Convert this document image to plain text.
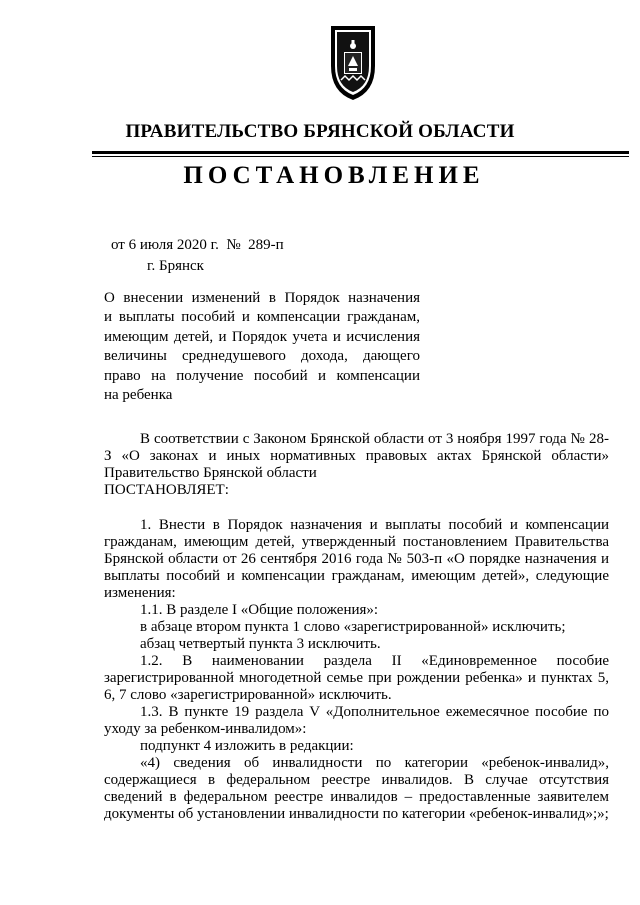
ПРАВИТЕЛЬСТВО БРЯНСКОЙ ОБЛАСТИ
ПОСТАНОВЛЕНИЕ
от 6 июля 2020 г.  №  289-п
г. Брянск

О внесении изменений в Порядок назначения

и выплаты пособий и компенсации гражданам,

имеющим детей, и Порядок учета и исчисления

величины среднедушевого дохода, дающего

право на получение пособий и компенсации

на ребенка

В соответствии с Законом Брянской области от 3 ноября 1997 года № 28-З «О законах и иных нормативных правовых актах Брянской области» Правительство Брянской области

ПОСТАНОВЛЯЕТ:

1. Внести в Порядок назначения и выплаты пособий и компенсации гражданам, имеющим детей, утвержденный постановлением Правительства Брянской области от 26 сентября 2016 года № 503-п «О порядке назначения и выплаты пособий и компенсации гражданам, имеющим детей», следующие изменения:

1.1. В разделе I «Общие положения»:

в абзаце втором пункта 1 слово «зарегистрированной» исключить;

абзац четвертый пункта 3 исключить.

1.2. В наименовании раздела II «Единовременное пособие зарегистрированной многодетной семье при рождении ребенка» и пунктах 5, 6, 7 слово «зарегистрированной» исключить.

1.3. В пункте 19 раздела V «Дополнительное ежемесячное пособие по уходу за ребенком-инвалидом»:

подпункт 4 изложить в редакции:

«4) сведения об инвалидности по категории «ребенок-инвалид», содержащиеся в федеральном реестре инвалидов. В случае отсутствия сведений в федеральном реестре инвалидов – предоставленные заявителем документы об установлении инвалидности по категории «ребенок-инвалид»;»;
